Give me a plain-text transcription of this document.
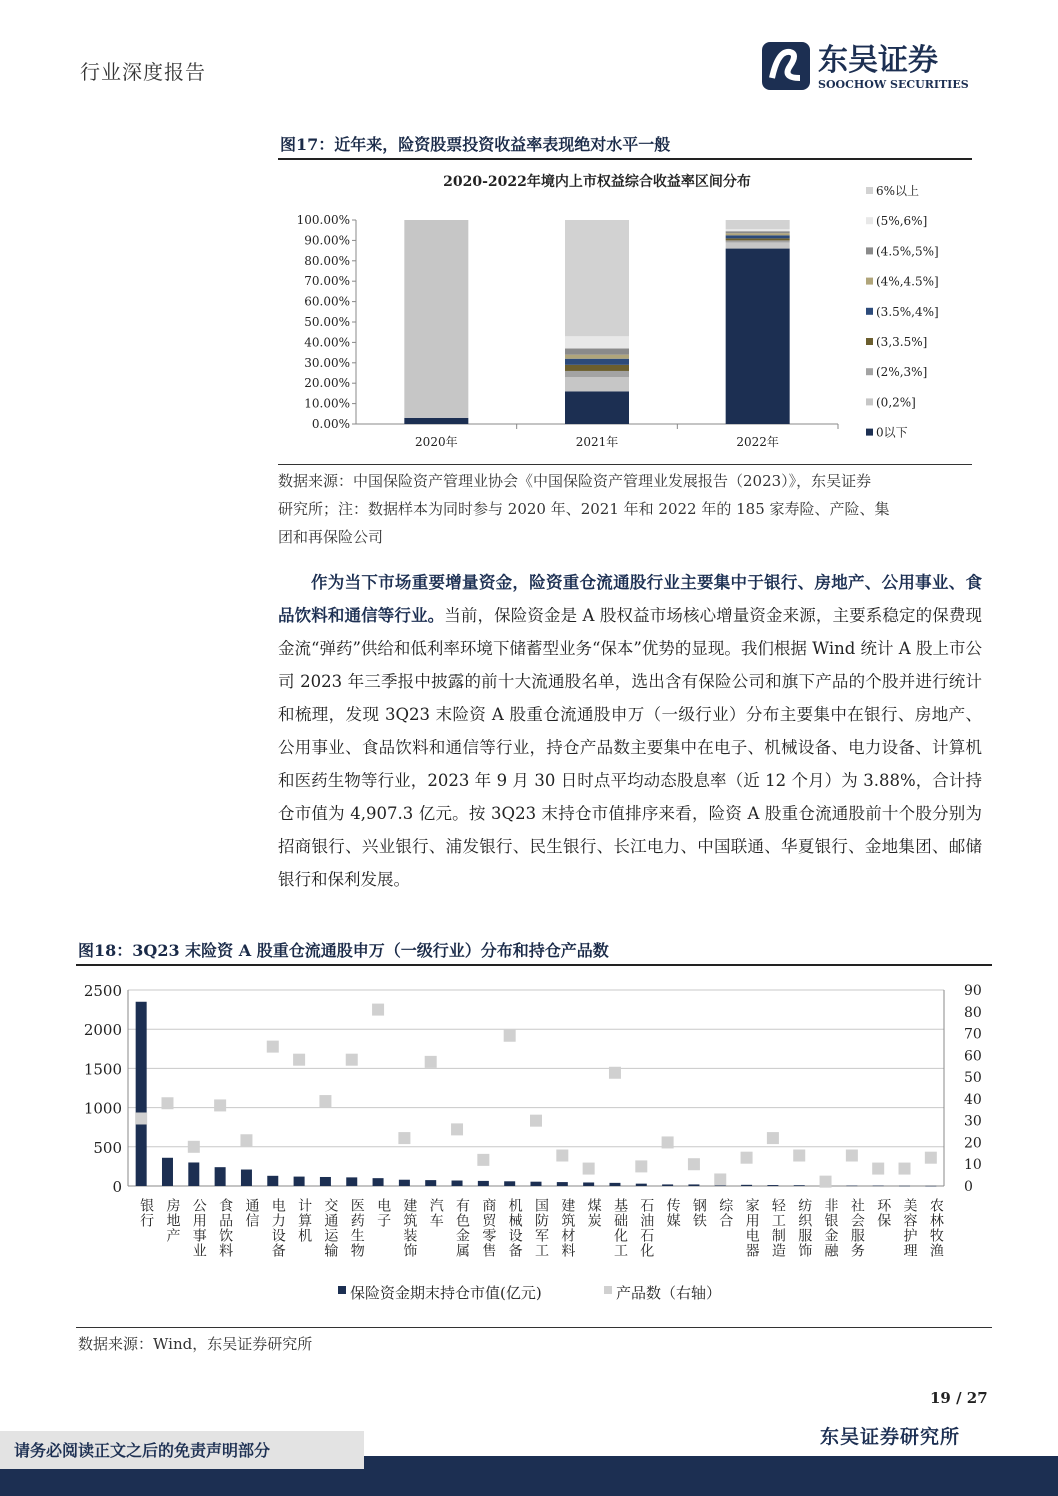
行业深度报告	东吴证券
SOOCHOW SECURITIES
图17：近年来，险资股票投资收益率表现绝对水平一般
2020-2022年境内上市权益综合收益率区间分布
0.00%
10.00%
20.00%
30.00%
40.00%
50.00%
60.00%
70.00%
80.00%
90.00%
100.00%
2020年	2021年	2022年
6%以上
(5%,6%]
(4.5%,5%]
(4%,4.5%]
(3.5%,4%]
(3,3.5%]
(2%,3%]
(0,2%]
0以下
数据来源：中国保险资产管理业协会《中国保险资产管理业发展报告（2023）》，东吴证券
研究所；注：数据样本为同时参与 2020 年、2021 年和 2022 年的 185 家寿险、产险、集
团和再保险公司

作为当下市场重要增量资金，险资重仓流通股行业主要集中于银行、房地产、公用事业、食品饮料和通信等行业。当前，保险资金是 A 股权益市场核心增量资金来源，主要系稳定的保费现金流“弹药”供给和低利率环境下储蓄型业务“保本”优势的显现。我们根据 Wind 统计 A 股上市公司 2023 年三季报中披露的前十大流通股名单，选出含有保险公司和旗下产品的个股并进行统计和梳理，发现 3Q23 末险资 A 股重仓流通股申万（一级行业）分布主要集中在银行、房地产、公用事业、食品饮料和通信等行业，持仓产品数主要集中在电子、机械设备、电力设备、计算机和医药生物等行业，2023 年 9 月 30 日时点平均动态股息率（近 12 个月）为 3.88%，合计持仓市值为 4,907.3 亿元。按 3Q23 末持仓市值排序来看，险资 A 股重仓流通股前十个股分别为招商银行、兴业银行、浦发银行、民生银行、长江电力、中国联通、华夏银行、金地集团、邮储银行和保利发展。

图18：3Q23 末险资 A 股重仓流通股申万（一级行业）分布和持仓产品数
0
500
1000
1500
2000
2500
0
10
20
30
40
50
60
70
80
90
银行 房地产 公用事业 食品饮料 通信 电力设备 计算机 交通运输 医药生物 电子 建筑装饰 汽车 有色金属 商贸零售 机械设备 国防军工 建筑材料 煤炭 基础化工 石油石化 传媒 钢铁 综合 家用电器 轻工制造 纺织服饰 非银金融 社会服务 环保 美容护理 农林牧渔
保险资金期末持仓市值(亿元)	产品数（右轴）
数据来源：Wind，东吴证券研究所
19 / 27
东吴证券研究所
请务必阅读正文之后的免责声明部分
